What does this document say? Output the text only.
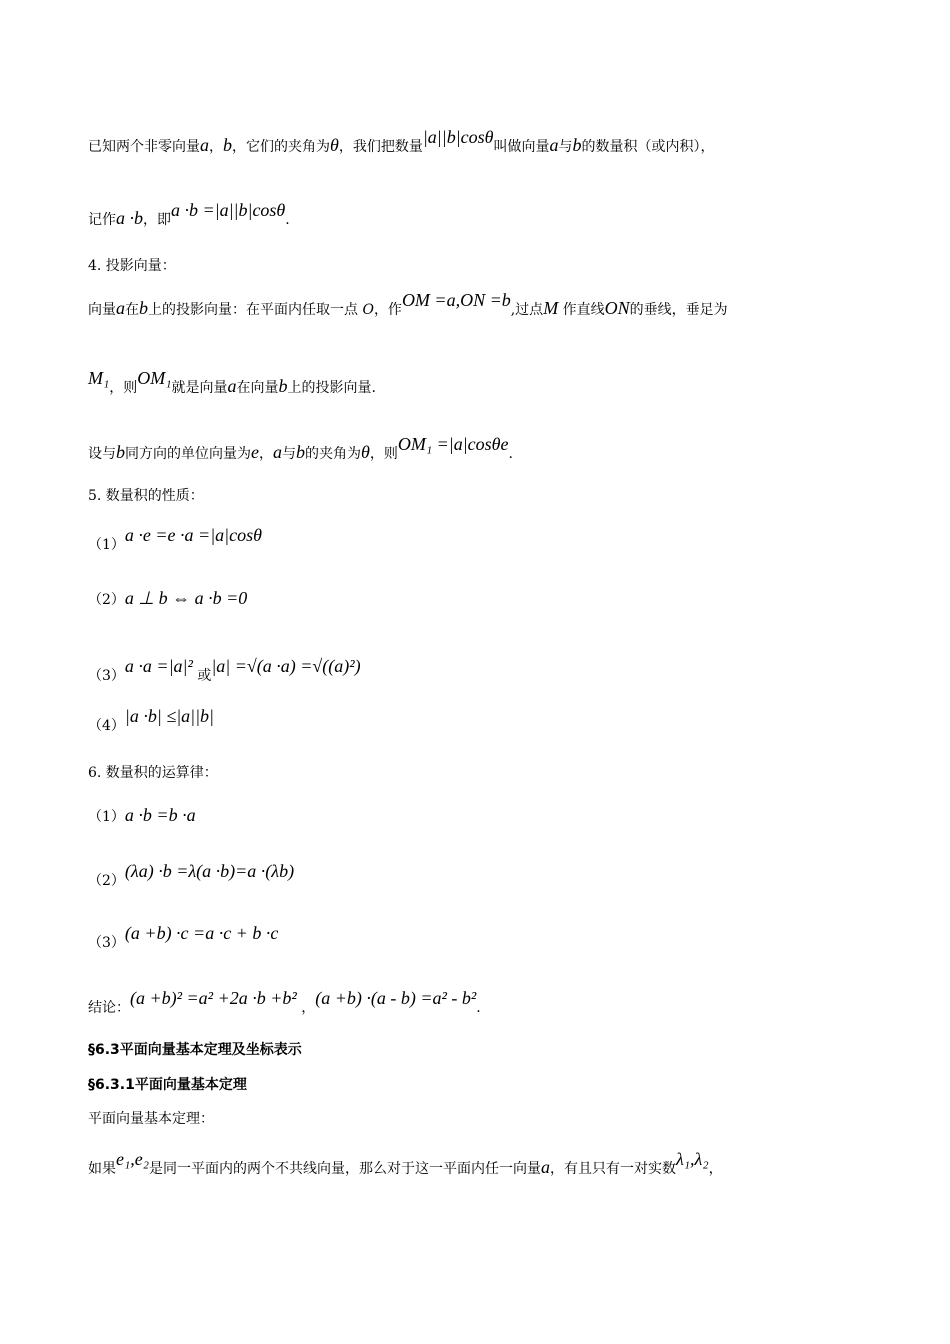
已知两个非零向量a，b，它们的夹角为θ，我们把数量|a||b|cosθ叫做向量a与b的数量积（或内积），
记作a ·b，即a ·b =|a||b|cosθ.
4. 投影向量：
向量a在b上的投影向量：在平面内任取一点 O，作OM =a,ON =b,过点M 作直线ON的垂线，垂足为
M₁，则OM₁就是向量a在向量b上的投影向量.
设与b同方向的单位向量为e，a与b的夹角为θ，则OM₁ =|a|cosθe.
5. 数量积的性质：
（1）a ·e =e ·a =|a|cosθ
（2）a ⊥ b ⇔ a ·b =0
（3）a ·a =|a|² 或|a| =√(a ·a) =√((a)²)
（4）|a ·b| ≤|a||b|
6. 数量积的运算律：
（1）a ·b =b ·a
（2）(λa) ·b =λ(a ·b)=a ·(λb)
（3）(a +b) ·c =a ·c + b ·c
结论：(a +b)² =a² +2a ·b +b² ，(a +b) ·(a - b) =a² - b².
§6.3平面向量基本定理及坐标表示
§6.3.1平面向量基本定理
平面向量基本定理：
如果e₁,e₂是同一平面内的两个不共线向量，那么对于这一平面内任一向量a，有且只有一对实数λ₁,λ₂，
